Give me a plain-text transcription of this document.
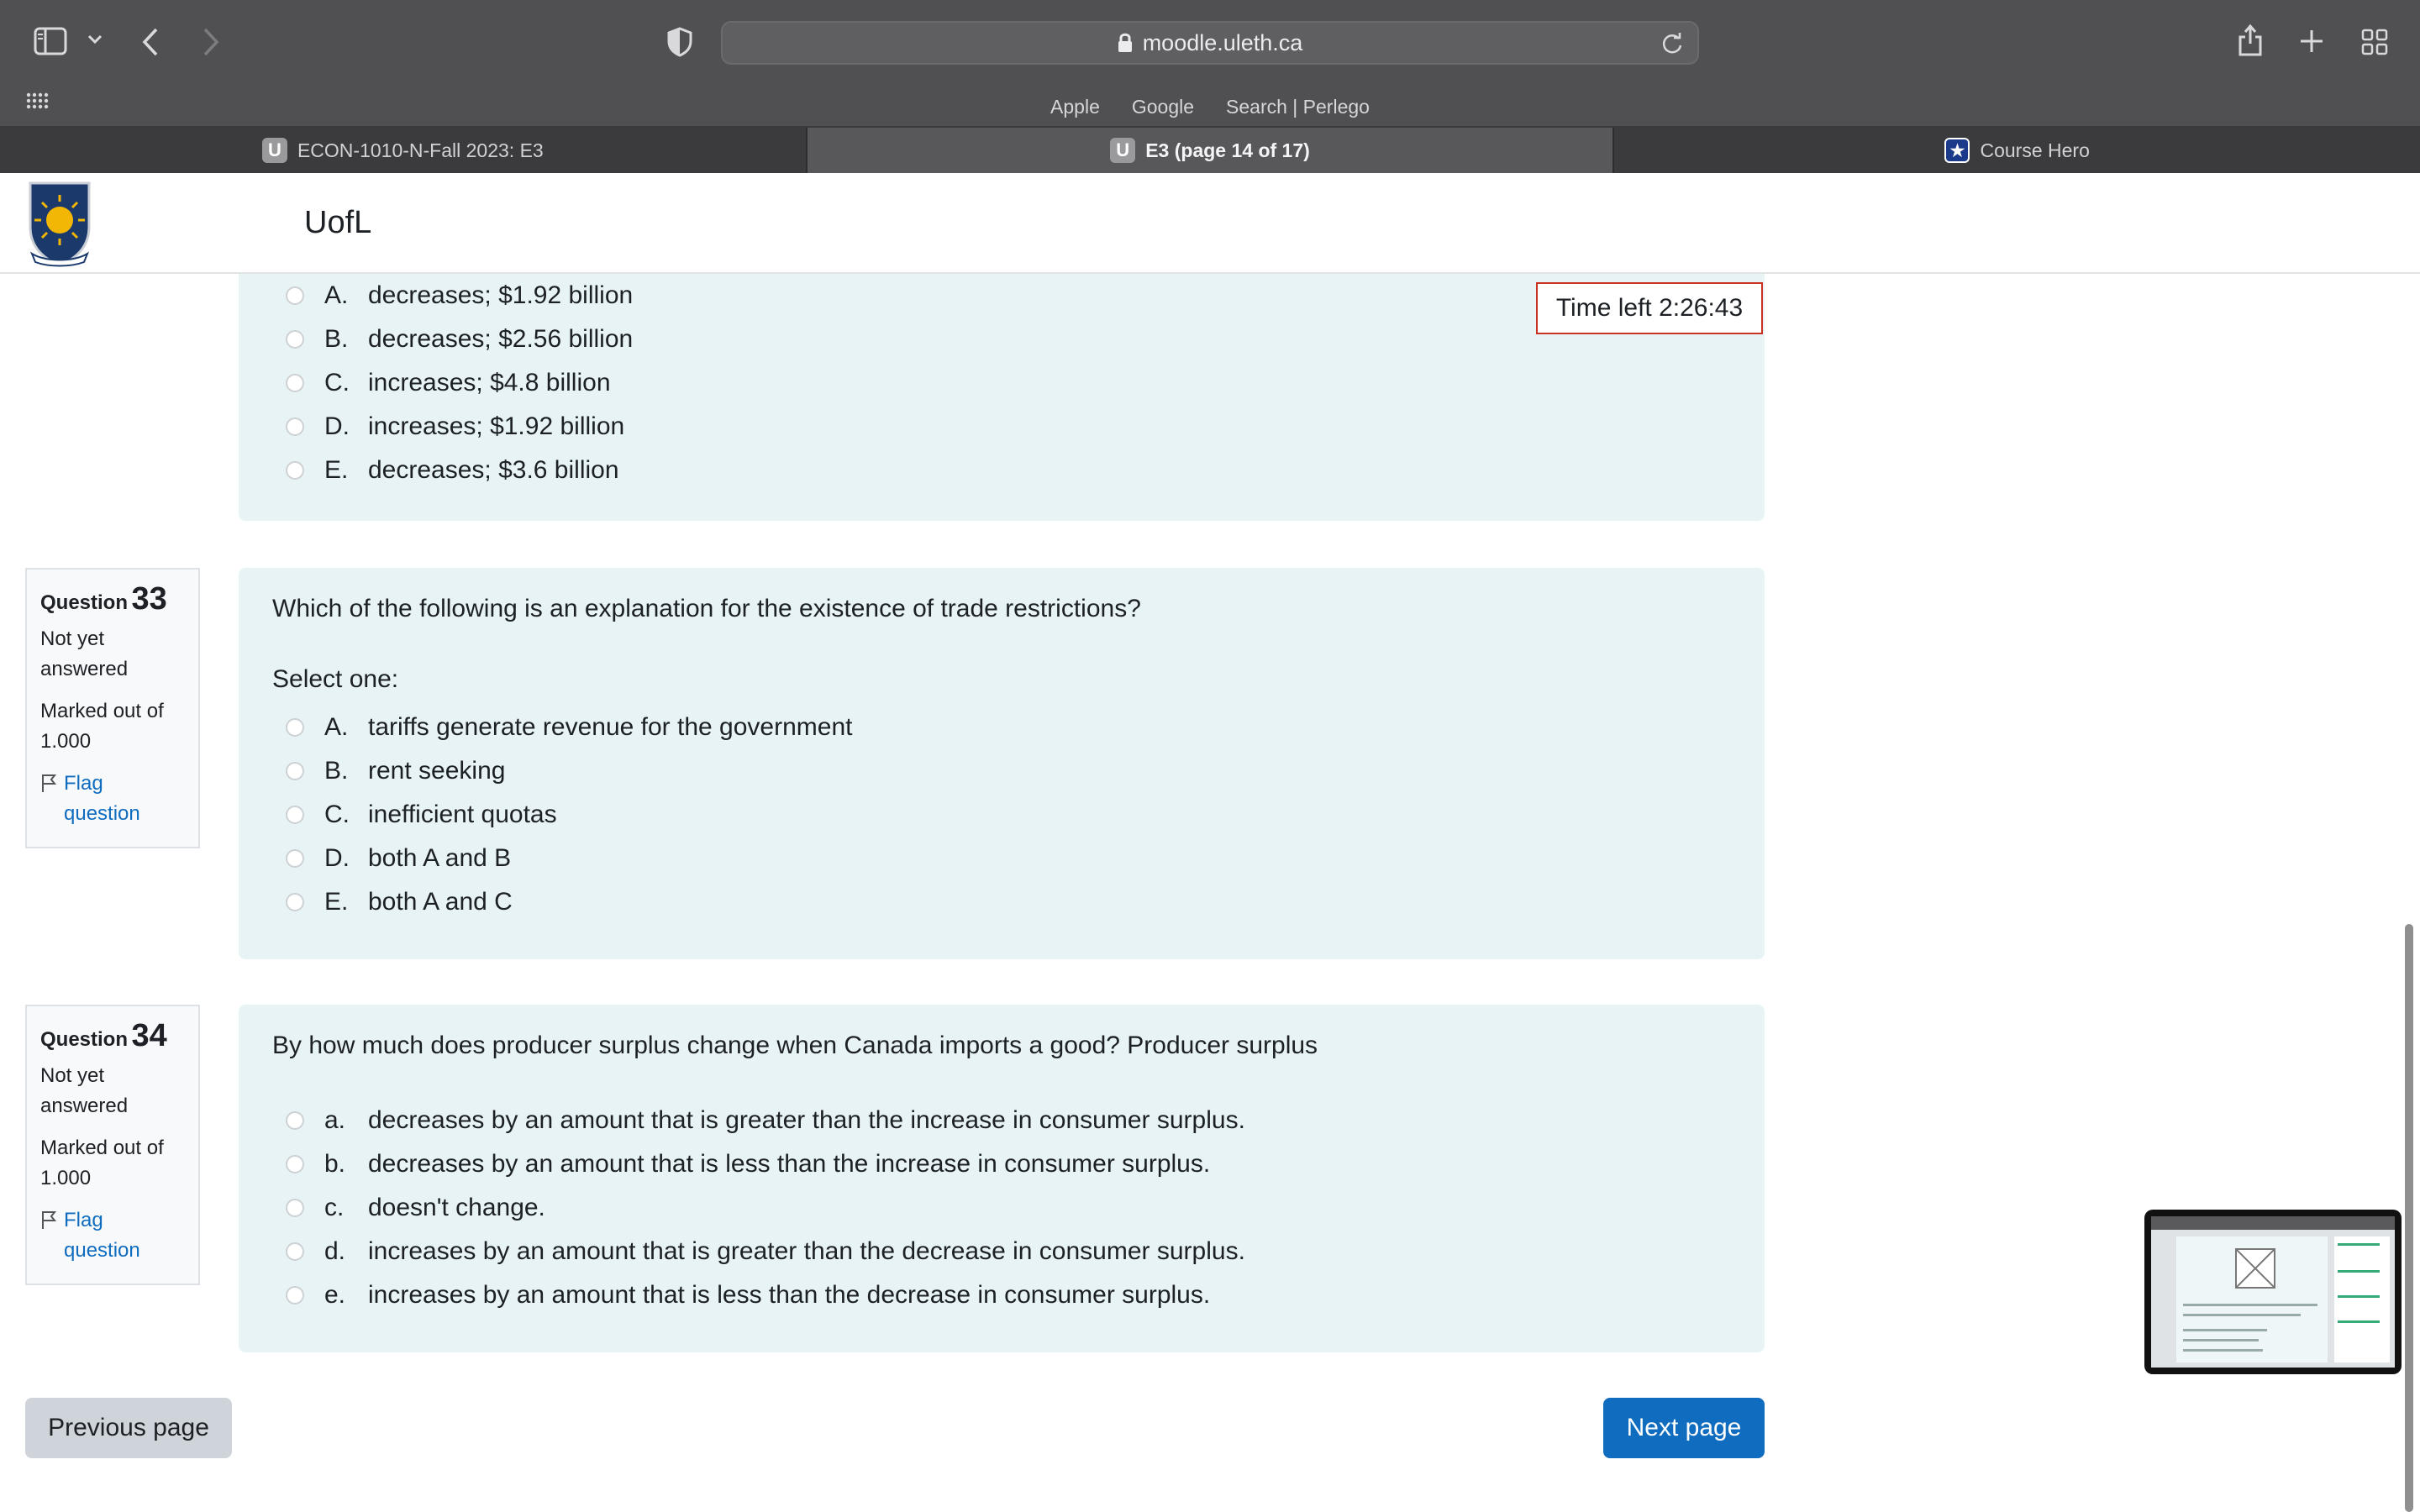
moodle.uleth.ca
Apple Google Search | Perlego
U ECON-1010-N-Fall 2023: E3	U E3 (page 14 of 17)	★ Course Hero
UofL
A. decreases; $1.92 billion
B. decreases; $2.56 billion
C. increases; $4.8 billion
D. increases; $1.92 billion
E. decreases; $3.6 billion
Time left 2:26:43
Question 33
Not yet answered
Marked out of 1.000
Flag question
Which of the following is an explanation for the existence of trade restrictions?
Select one:
A. tariffs generate revenue for the government
B. rent seeking
C. inefficient quotas
D. both A and B
E. both A and C
Question 34
Not yet answered
Marked out of 1.000
Flag question
By how much does producer surplus change when Canada imports a good? Producer surplus
a. decreases by an amount that is greater than the increase in consumer surplus.
b. decreases by an amount that is less than the increase in consumer surplus.
c. doesn't change.
d. increases by an amount that is greater than the decrease in consumer surplus.
e. increases by an amount that is less than the decrease in consumer surplus.
Previous page	Next page
